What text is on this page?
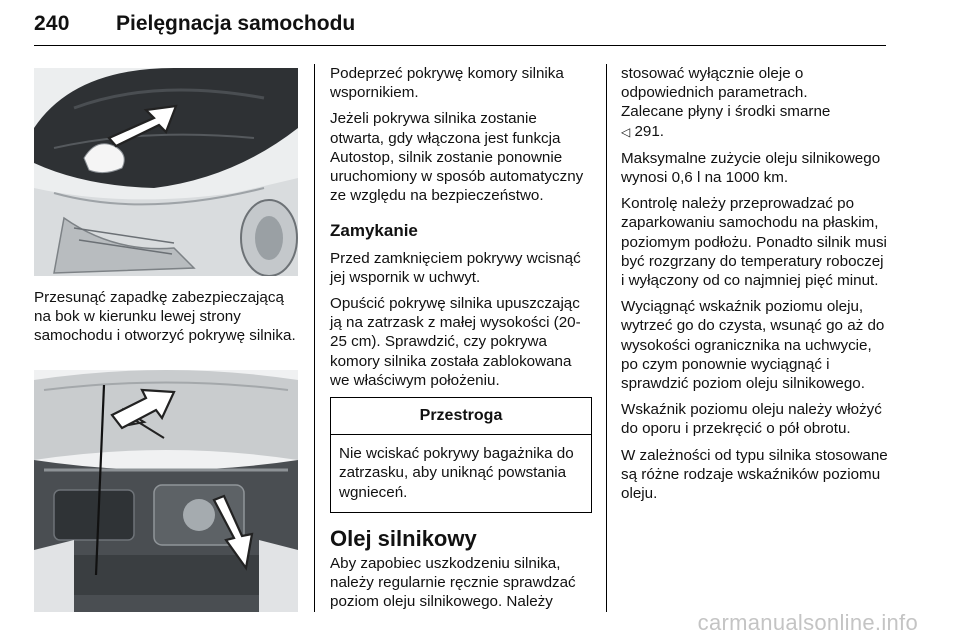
240 Pielęgnacja samochodu

Przesunąć zapadkę zabezpieczającą na bok w kierunku lewej strony samochodu i otworzyć pokrywę silnika.

Podeprzeć pokrywę komory silnika wspornikiem.

Jeżeli pokrywa silnika zostanie otwarta, gdy włączona jest funkcja Autostop, silnik zostanie ponownie uruchomiony w sposób automatyczny ze względu na bezpieczeństwo.

Zamykanie

Przed zamknięciem pokrywy wcisnąć jej wspornik w uchwyt.

Opuścić pokrywę silnika upuszczając ją na zatrzask z małej wysokości (20-25 cm). Sprawdzić, czy pokrywa komory silnika została zablokowana we właściwym położeniu.

Przestroga
Nie wciskać pokrywy bagażnika do zatrzasku, aby uniknąć powstania wgnieceń.
Olej silnikowy

Aby zapobiec uszkodzeniu silnika, należy regularnie ręcznie sprawdzać poziom oleju silnikowego. Należy

stosować wyłącznie oleje o odpowiednich parametrach.
Zalecane płyny i środki smarne
◁ 291.

Maksymalne zużycie oleju silnikowego wynosi 0,6 l na 1000 km.

Kontrolę należy przeprowadzać po zaparkowaniu samochodu na płaskim, poziomym podłożu. Ponadto silnik musi być rozgrzany do temperatury roboczej i wyłączony od co najmniej pięć minut.

Wyciągnąć wskaźnik poziomu oleju, wytrzeć go do czysta, wsunąć go aż do wysokości ogranicznika na uchwycie, po czym ponownie wyciągnąć i sprawdzić poziom oleju silnikowego.

Wskaźnik poziomu oleju należy włożyć do oporu i przekręcić o pół obrotu.

W zależności od typu silnika stosowane są różne rodzaje wskaźników poziomu oleju.

carmanualsonline.info
